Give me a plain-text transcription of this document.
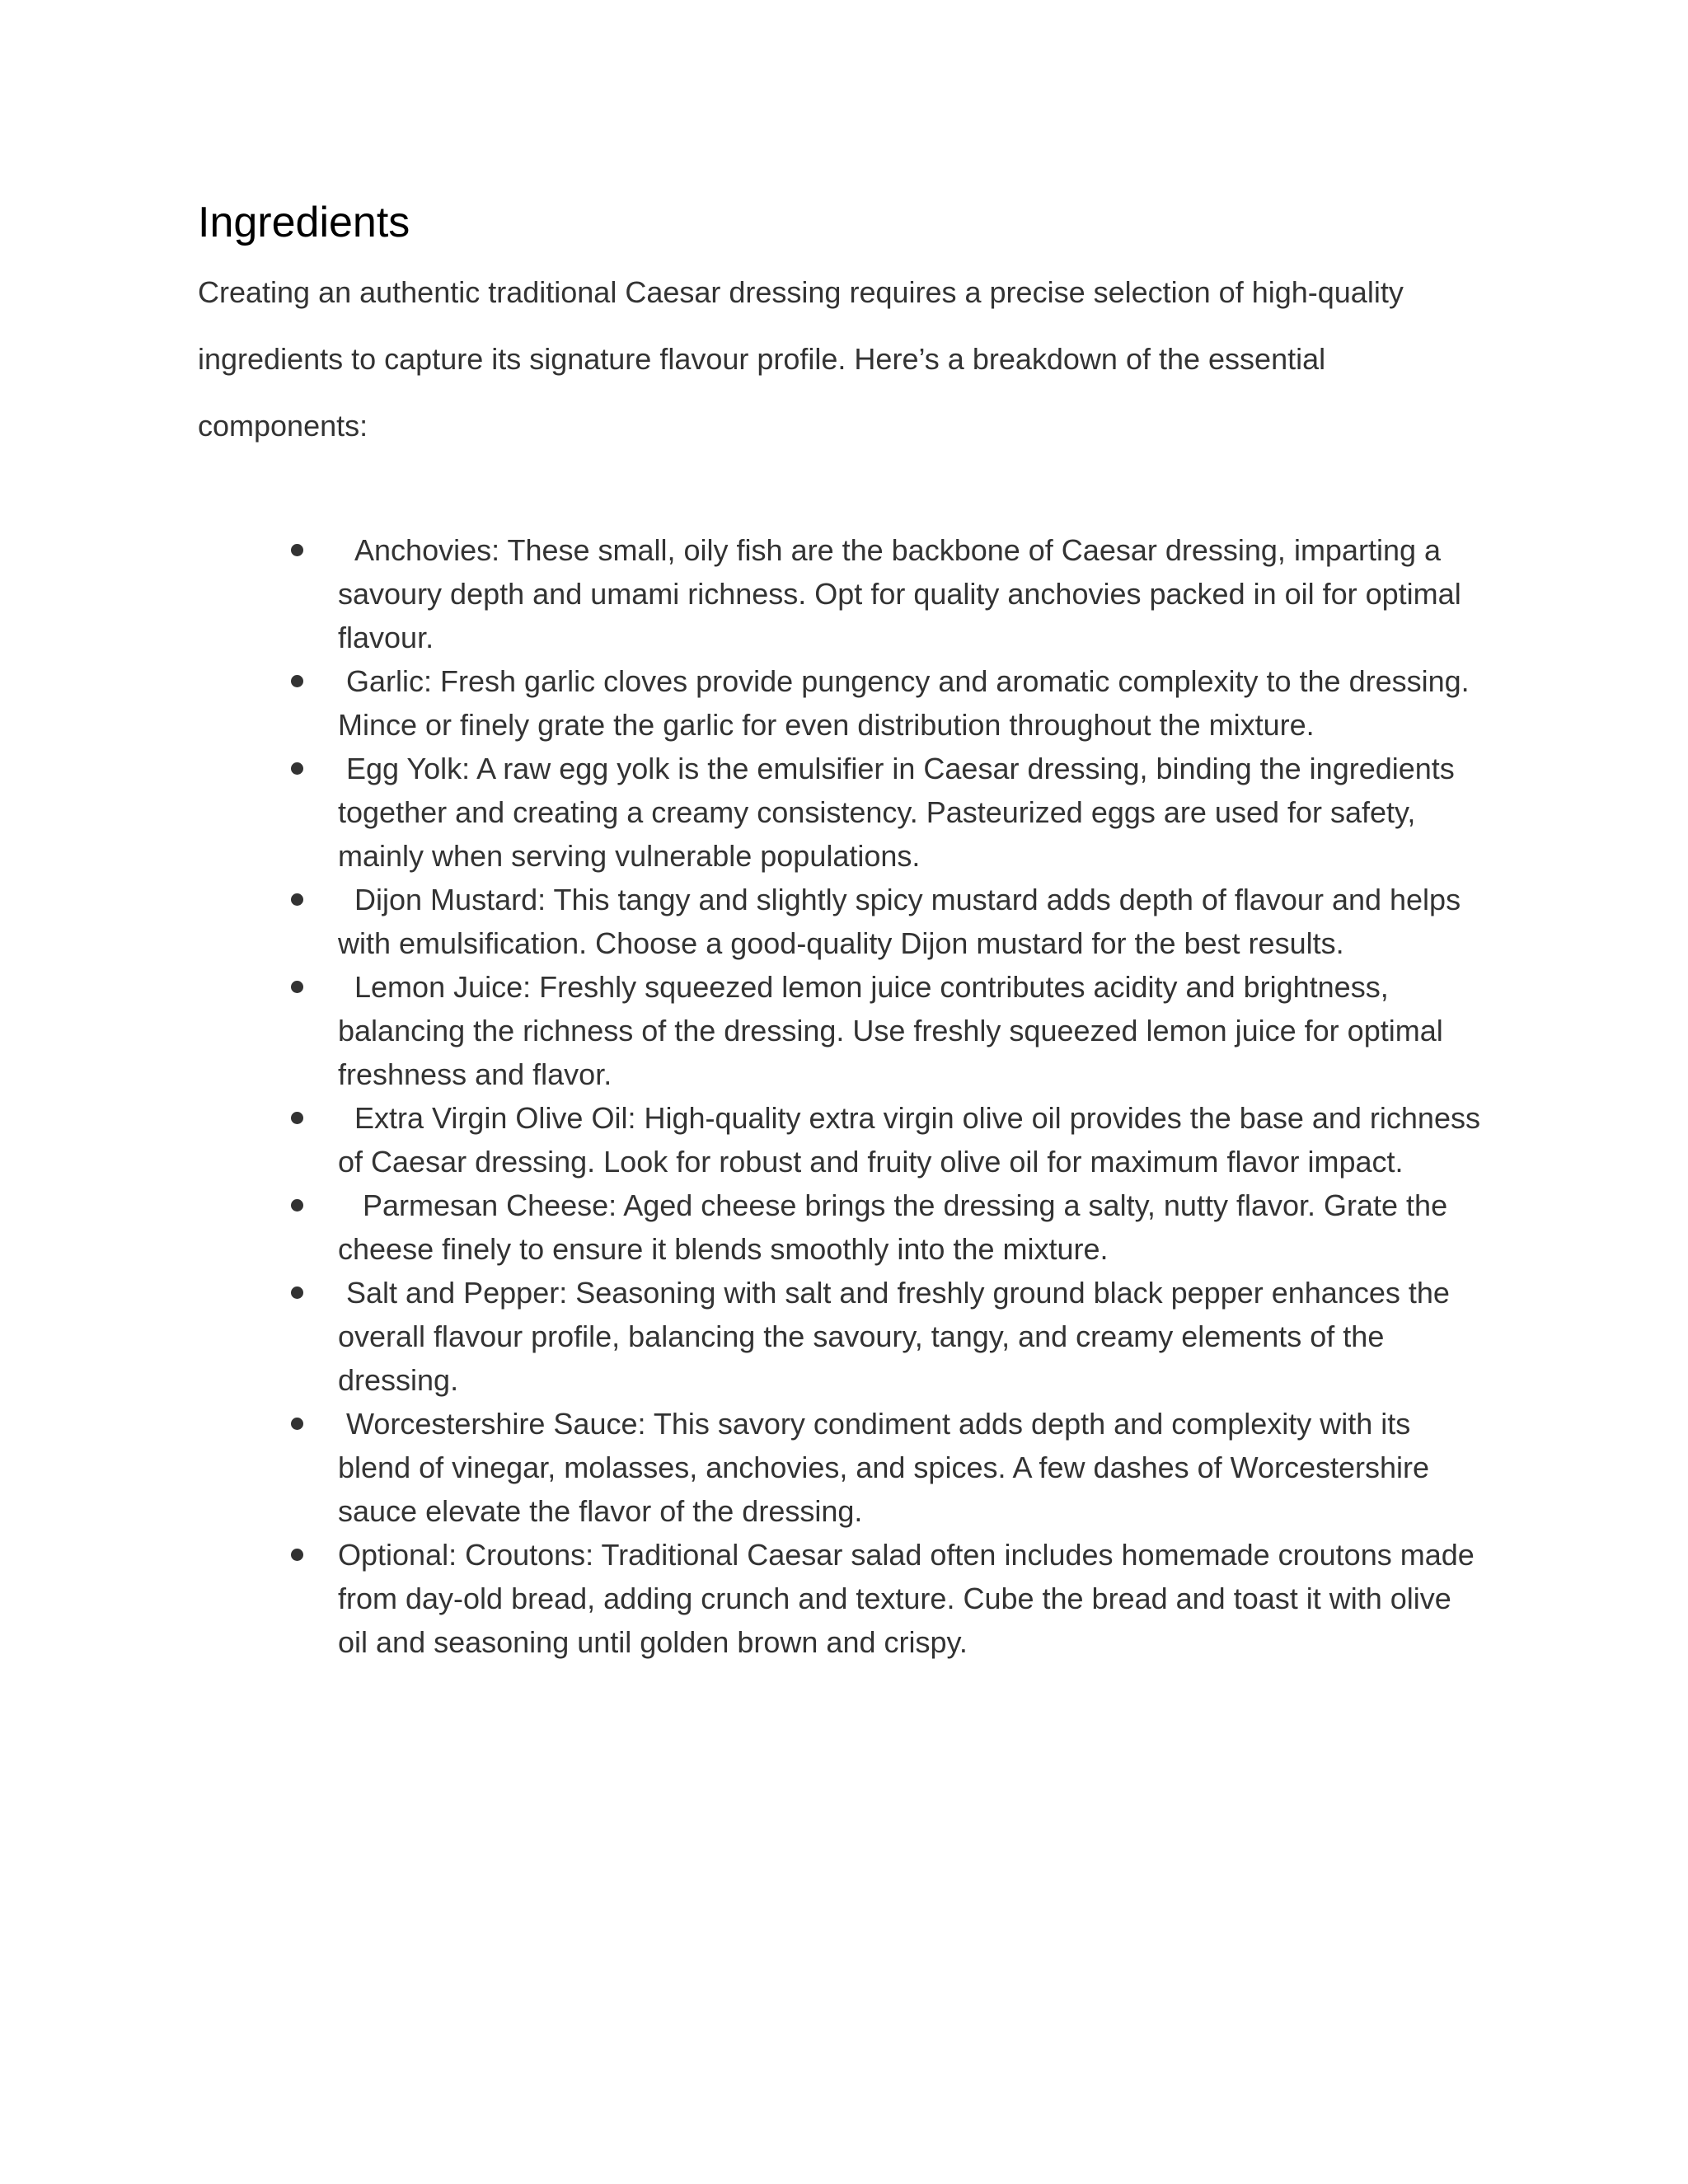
Ingredients

Creating an authentic traditional Caesar dressing requires a precise selection of high-quality ingredients to capture its signature flavour profile. Here’s a breakdown of the essential components:

Anchovies: These small, oily fish are the backbone of Caesar dressing, imparting a savoury depth and umami richness. Opt for quality anchovies packed in oil for optimal flavour.
Garlic: Fresh garlic cloves provide pungency and aromatic complexity to the dressing. Mince or finely grate the garlic for even distribution throughout the mixture.
Egg Yolk: A raw egg yolk is the emulsifier in Caesar dressing, binding the ingredients together and creating a creamy consistency. Pasteurized eggs are used for safety, mainly when serving vulnerable populations.
Dijon Mustard: This tangy and slightly spicy mustard adds depth of flavour and helps with emulsification. Choose a good-quality Dijon mustard for the best results.
Lemon Juice: Freshly squeezed lemon juice contributes acidity and brightness, balancing the richness of the dressing. Use freshly squeezed lemon juice for optimal freshness and flavor.
Extra Virgin Olive Oil: High-quality extra virgin olive oil provides the base and richness of Caesar dressing. Look for robust and fruity olive oil for maximum flavor impact.
Parmesan Cheese: Aged cheese brings the dressing a salty, nutty flavor. Grate the cheese finely to ensure it blends smoothly into the mixture.
Salt and Pepper: Seasoning with salt and freshly ground black pepper enhances the overall flavour profile, balancing the savoury, tangy, and creamy elements of the dressing.
Worcestershire Sauce: This savory condiment adds depth and complexity with its blend of vinegar, molasses, anchovies, and spices. A few dashes of Worcestershire sauce elevate the flavor of the dressing.
Optional: Croutons: Traditional Caesar salad often includes homemade croutons made from day-old bread, adding crunch and texture. Cube the bread and toast it with olive oil and seasoning until golden brown and crispy.
